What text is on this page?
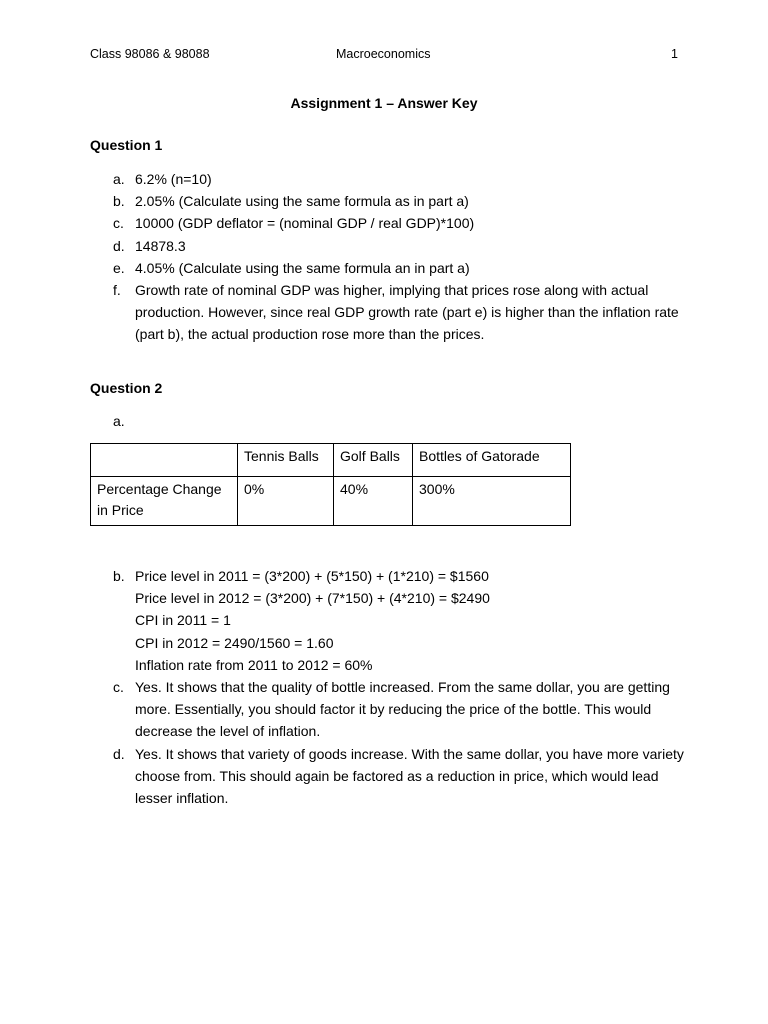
Class 98086 & 98088	Macroeconomics	1
Assignment 1 – Answer Key
Question 1
a. 6.2% (n=10)
b. 2.05% (Calculate using the same formula as in part a)
c. 10000 (GDP deflator = (nominal GDP / real GDP)*100)
d. 14878.3
e. 4.05% (Calculate using the same formula an in part a)
f. Growth rate of nominal GDP was higher, implying that prices rose along with actual production. However, since real GDP growth rate (part e) is higher than the inflation rate (part b), the actual production rose more than the prices.
Question 2
a.
	Tennis Balls	Golf Balls	Bottles of Gatorade
Percentage Change in Price	0%	40%	300%
b. Price level in 2011 = (3*200) + (5*150) + (1*210) = $1560
Price level in 2012 = (3*200) + (7*150) + (4*210) = $2490
CPI in 2011 = 1
CPI in 2012 = 2490/1560 = 1.60
Inflation rate from 2011 to 2012 = 60%
c. Yes. It shows that the quality of bottle increased. From the same dollar, you are getting more. Essentially, you should factor it by reducing the price of the bottle. This would decrease the level of inflation.
d. Yes. It shows that variety of goods increase. With the same dollar, you have more variety choose from. This should again be factored as a reduction in price, which would lead lesser inflation.
